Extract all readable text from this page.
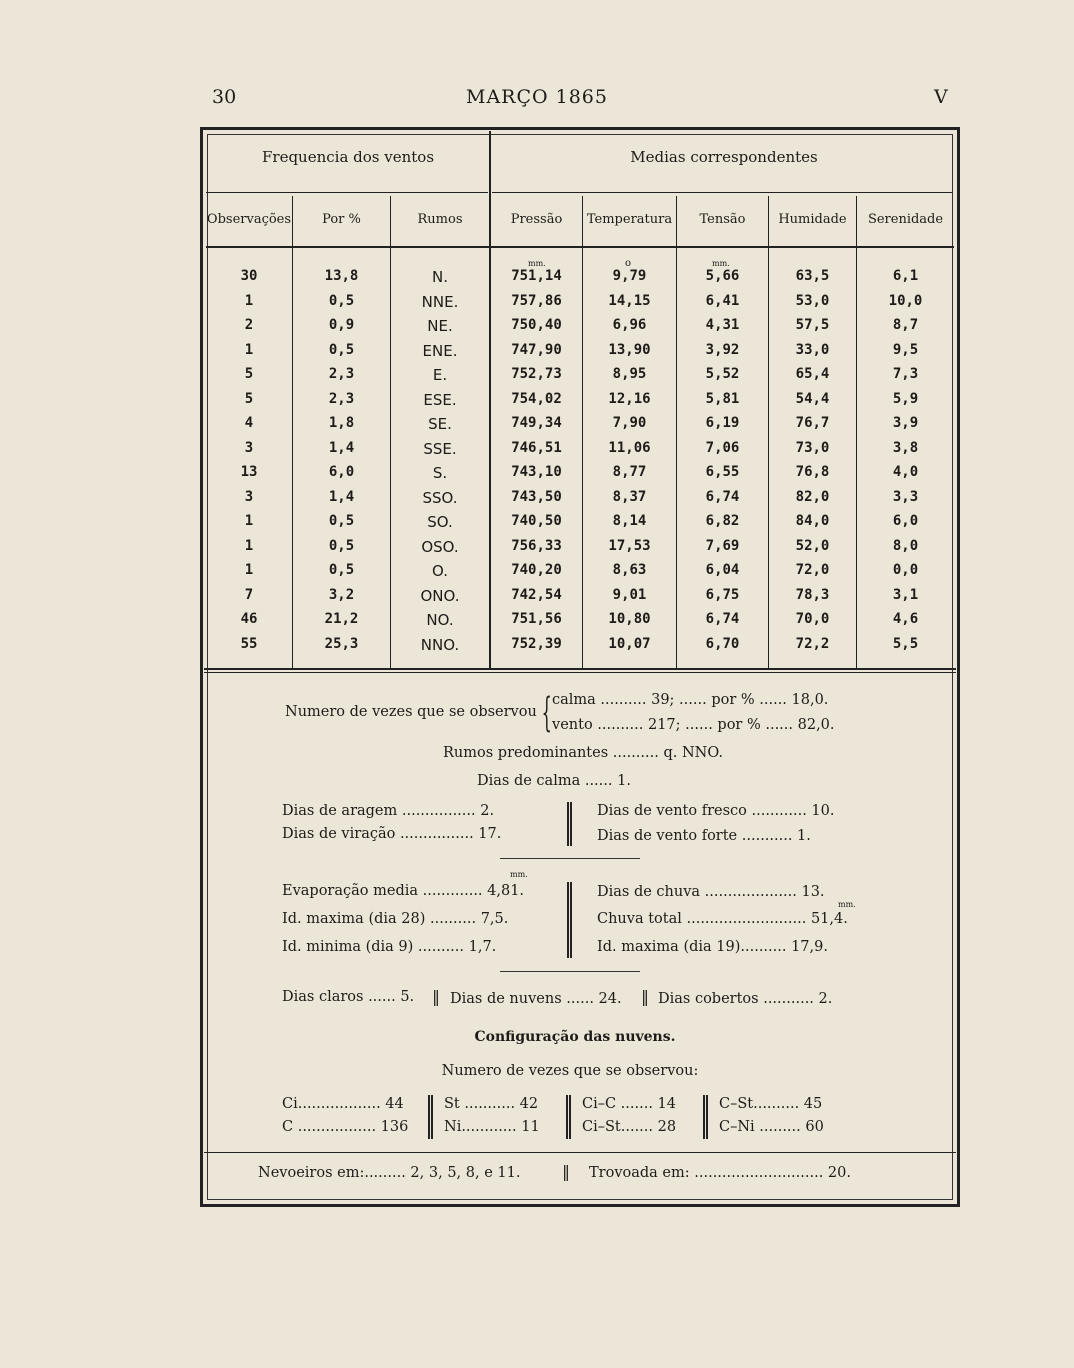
30	MARÇO 1865	V
Frequencia dos ventos	Medias correspondentes
Observações	Por %	Rumos	Pressão	Temperatura	Tensão	Humidade	Serenidade
mm.	o	mm.
30	13,8	N.	751,14	9,79	5,66	63,5	6,1
1	0,5	NNE.	757,86	14,15	6,41	53,0	10,0
2	0,9	NE.	750,40	6,96	4,31	57,5	8,7
1	0,5	ENE.	747,90	13,90	3,92	33,0	9,5
5	2,3	E.	752,73	8,95	5,52	65,4	7,3
5	2,3	ESE.	754,02	12,16	5,81	54,4	5,9
4	1,8	SE.	749,34	7,90	6,19	76,7	3,9
3	1,4	SSE.	746,51	11,06	7,06	73,0	3,8
13	6,0	S.	743,10	8,77	6,55	76,8	4,0
3	1,4	SSO.	743,50	8,37	6,74	82,0	3,3
1	0,5	SO.	740,50	8,14	6,82	84,0	6,0
1	0,5	OSO.	756,33	17,53	7,69	52,0	8,0
1	0,5	O.	740,20	8,63	6,04	72,0	0,0
7	3,2	ONO.	742,54	9,01	6,75	78,3	3,1
46	21,2	NO.	751,56	10,80	6,74	70,0	4,6
55	25,3	NNO.	752,39	10,07	6,70	72,2	5,5
Numero de vezes que se observou { calma .......... 39; ...... por % ...... 18,0.
vento .......... 217; ...... por % ...... 82,0.
Rumos predominantes .......... q. NNO.
Dias de calma ...... 1.
Dias de aragem ................ 2.
Dias de viração ................ 17.
Dias de vento fresco ............ 10.
Dias de vento forte ........... 1.
mm.
Evaporação media ............. 4,81.
Id. maxima (dia 28) .......... 7,5.
Id. minima (dia 9) .......... 1,7.
Dias de chuva .................... 13.
mm.
Chuva total .......................... 51,4.
Id. maxima (dia 19).......... 17,9.
Dias claros ...... 5. ‖ Dias de nuvens ...... 24. ‖ Dias cobertos ........... 2.
Configuração das nuvens.
Numero de vezes que se observou:
Ci.................. 44
C ................. 136
St ........... 42
Ni............ 11
Ci–C ....... 14
Ci–St....... 28
C–St.......... 45
C–Ni ......... 60
Nevoeiros em:......... 2, 3, 5, 8, e 11.	‖ Trovoada em: ............................ 20.
